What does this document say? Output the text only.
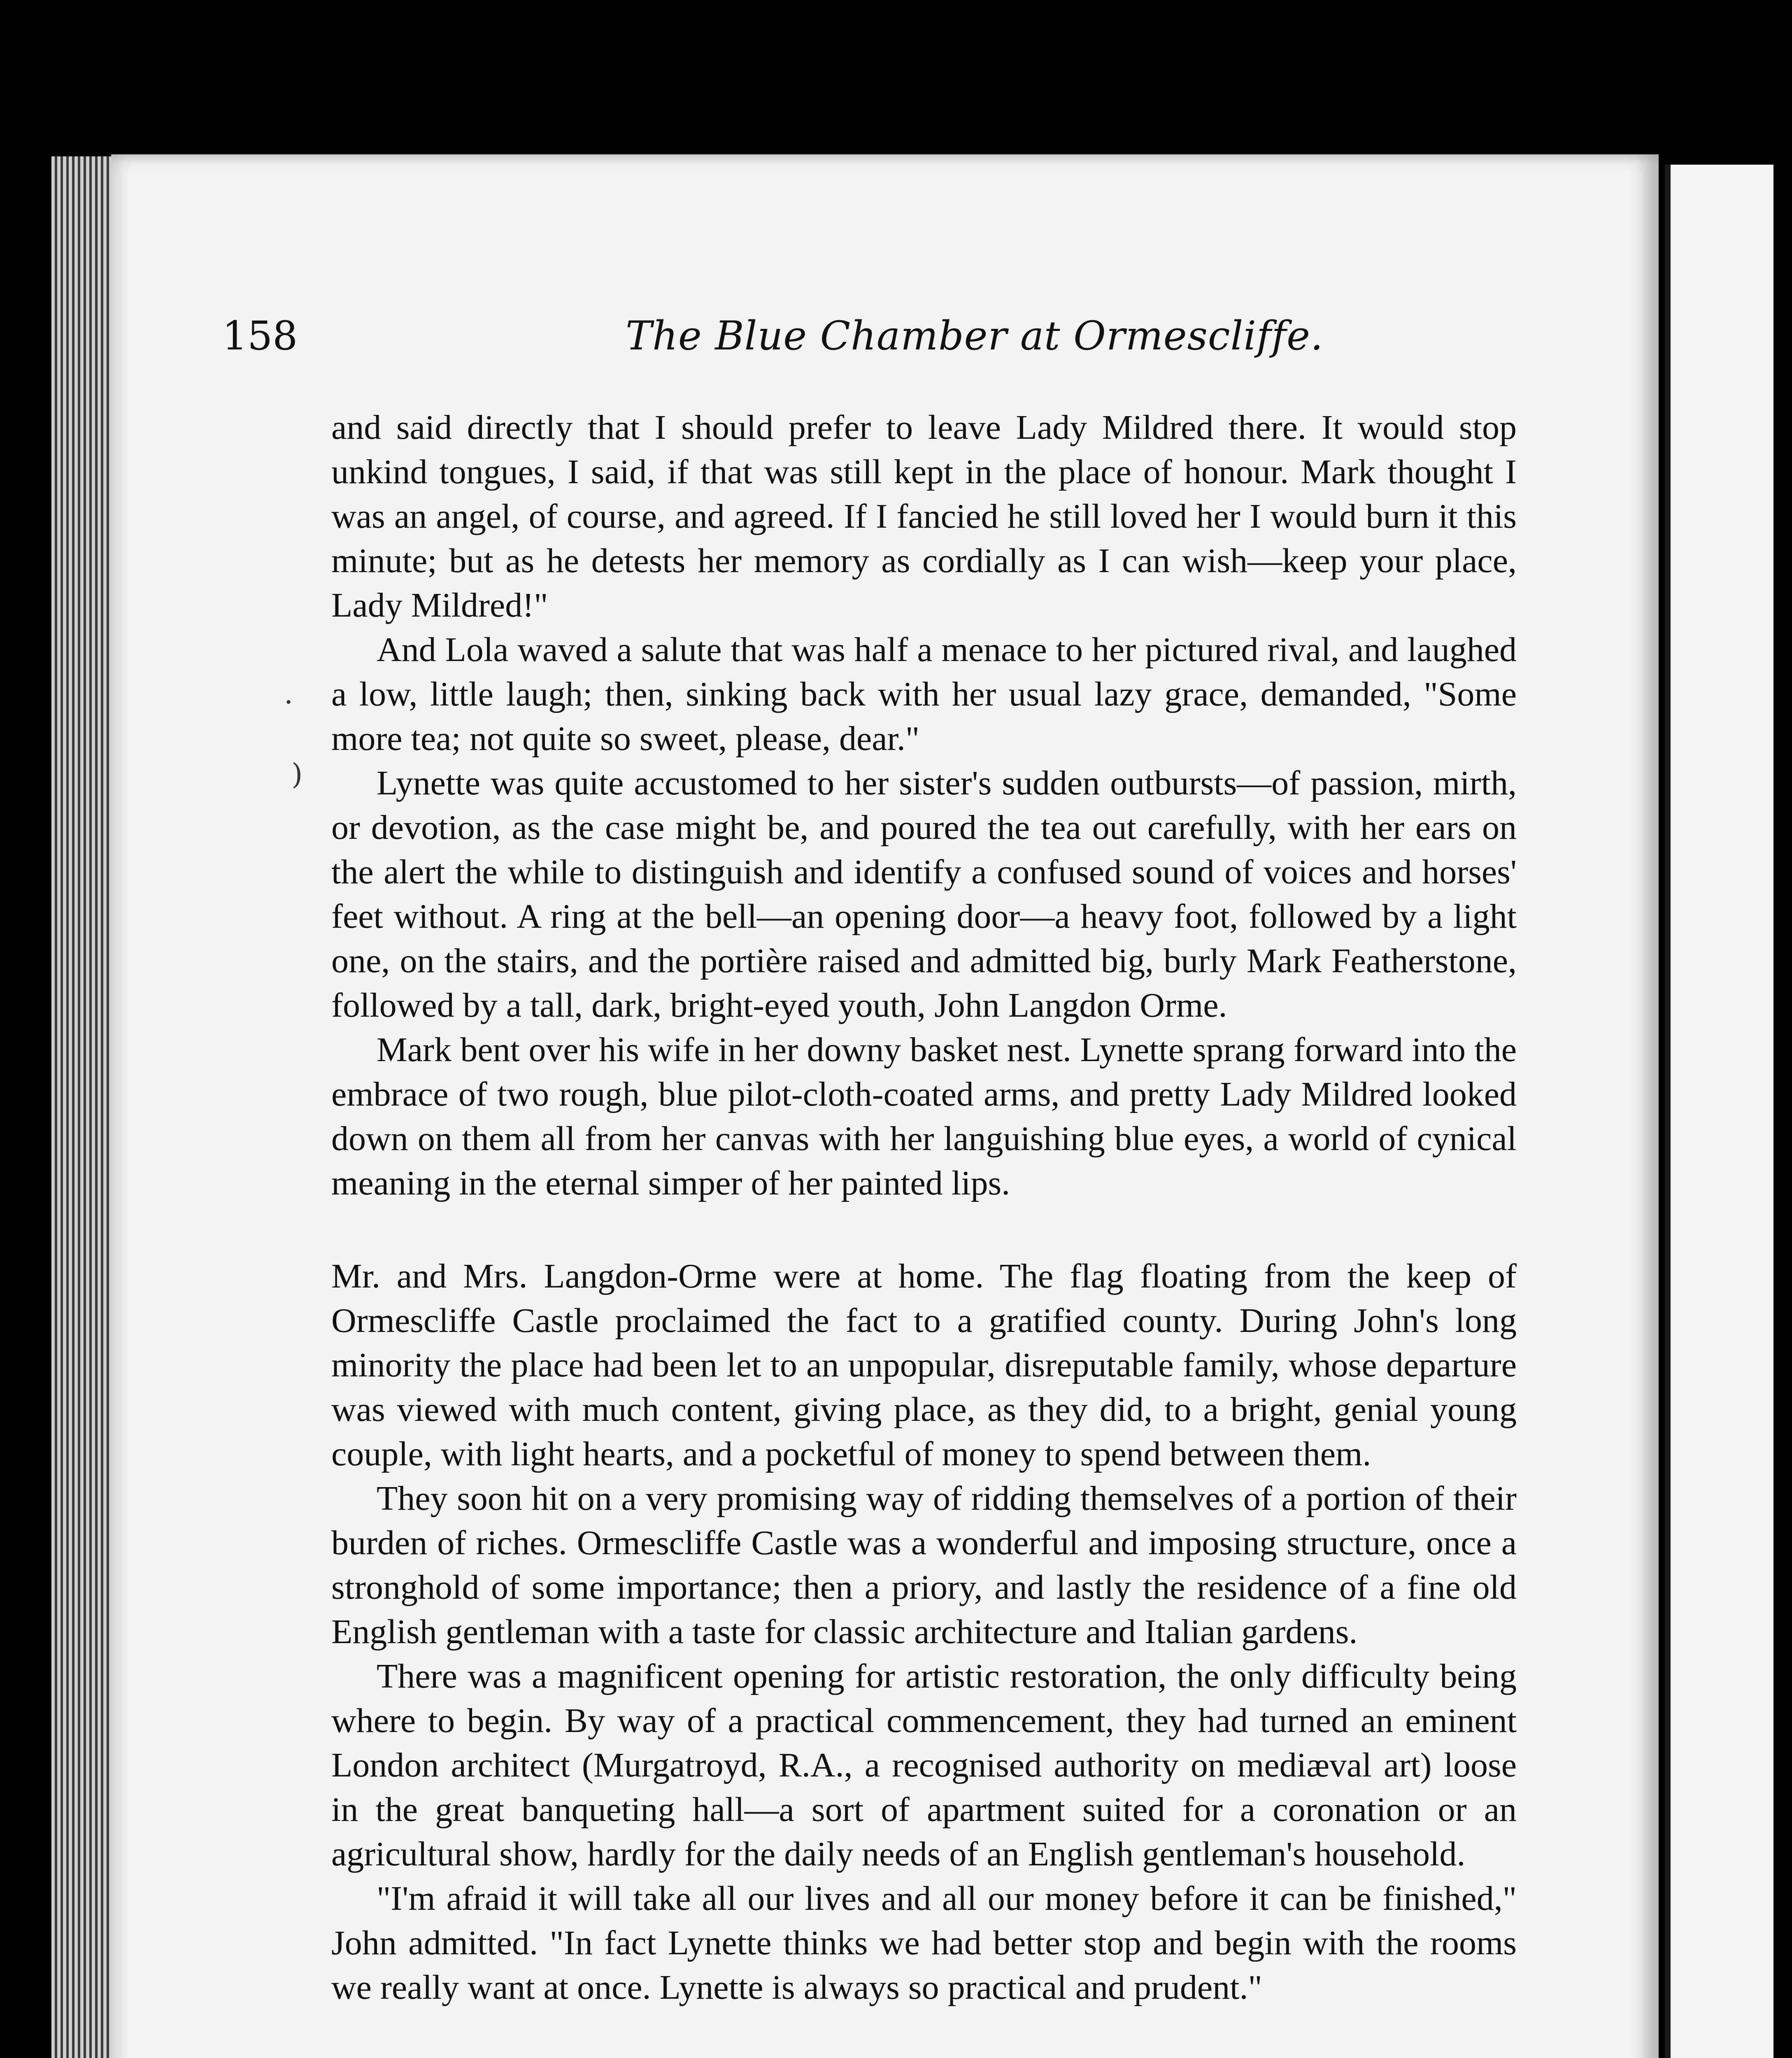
158	The Blue Chamber at Ormescliffe.
·
)

and said directly that I should prefer to leave Lady Mildred there. It would stop unkind tongues, I said, if that was still kept in the place of honour. Mark thought I was an angel, of course, and agreed. If I fancied he still loved her I would burn it this minute; but as he detests her memory as cordially as I can wish—keep your place, Lady Mildred!"

And Lola waved a salute that was half a menace to her pictured rival, and laughed a low, little laugh; then, sinking back with her usual lazy grace, demanded, "Some more tea; not quite so sweet, please, dear."

Lynette was quite accustomed to her sister's sudden outbursts—of passion, mirth, or devotion, as the case might be, and poured the tea out carefully, with her ears on the alert the while to distinguish and identify a confused sound of voices and horses' feet without. A ring at the bell—an opening door—a heavy foot, followed by a light one, on the stairs, and the portière raised and admitted big, burly Mark Featherstone, followed by a tall, dark, bright-eyed youth, John Langdon Orme.

Mark bent over his wife in her downy basket nest. Lynette sprang forward into the embrace of two rough, blue pilot-cloth-coated arms, and pretty Lady Mildred looked down on them all from her canvas with her languishing blue eyes, a world of cynical meaning in the eternal simper of her painted lips.

Mr. and Mrs. Langdon-Orme were at home. The flag floating from the keep of Ormescliffe Castle proclaimed the fact to a gratified county. During John's long minority the place had been let to an unpopular, disreputable family, whose departure was viewed with much content, giving place, as they did, to a bright, genial young couple, with light hearts, and a pocketful of money to spend between them.

They soon hit on a very promising way of ridding themselves of a portion of their burden of riches. Ormescliffe Castle was a wonderful and imposing structure, once a stronghold of some importance; then a priory, and lastly the residence of a fine old English gentleman with a taste for classic architecture and Italian gardens.

There was a magnificent opening for artistic restoration, the only difficulty being where to begin. By way of a practical commencement, they had turned an eminent London architect (Murgatroyd, R.A., a recognised authority on mediæval art) loose in the great banqueting hall—a sort of apartment suited for a coronation or an agricultural show, hardly for the daily needs of an English gentleman's household.

"I'm afraid it will take all our lives and all our money before it can be finished," John admitted. "In fact Lynette thinks we had better stop and begin with the rooms we really want at once. Lynette is always so practical and prudent."
